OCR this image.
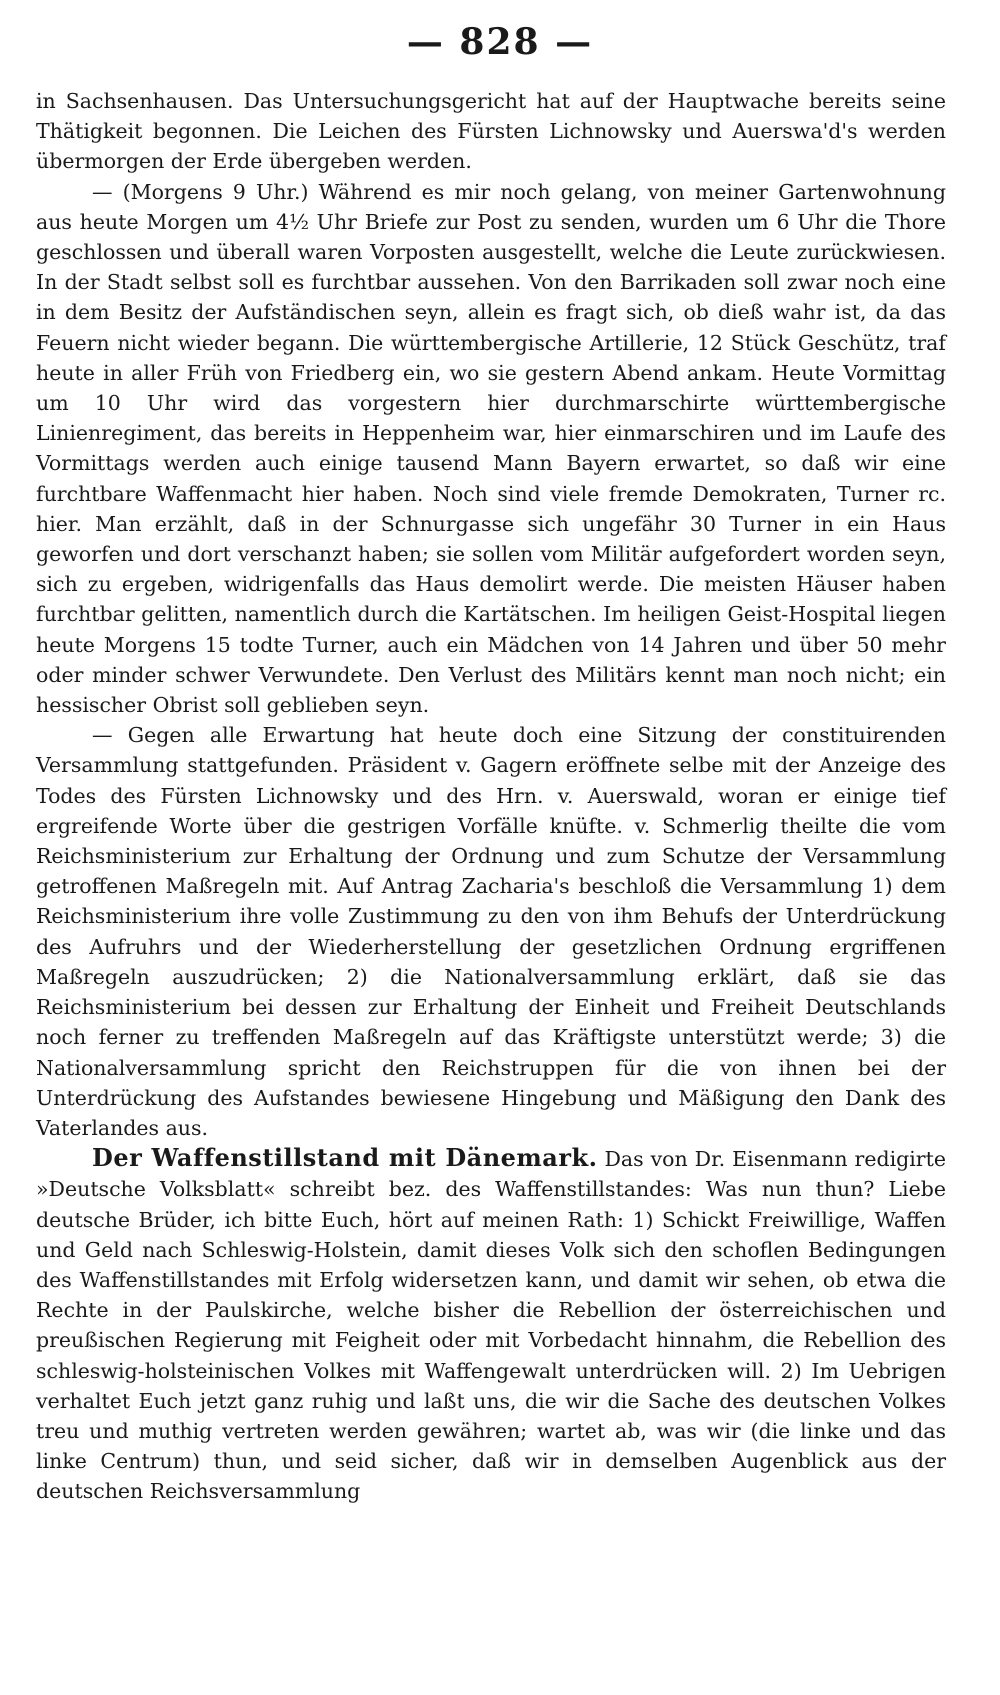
— 828 —

in Sachsenhausen. Das Untersuchungsgericht hat auf der Hauptwache bereits seine Thätigkeit begonnen. Die Leichen des Fürsten Lichnowsky und Auerswa'd's werden übermorgen der Erde übergeben werden.

— (Morgens 9 Uhr.) Während es mir noch gelang, von meiner Gartenwohnung aus heute Morgen um 4½ Uhr Briefe zur Post zu senden, wurden um 6 Uhr die Thore geschlossen und überall waren Vorposten ausgestellt, welche die Leute zurückwiesen. In der Stadt selbst soll es furchtbar aussehen. Von den Barrikaden soll zwar noch eine in dem Besitz der Aufständischen seyn, allein es fragt sich, ob dieß wahr ist, da das Feuern nicht wieder begann. Die württembergische Artillerie, 12 Stück Geschütz, traf heute in aller Früh von Friedberg ein, wo sie gestern Abend ankam. Heute Vormittag um 10 Uhr wird das vorgestern hier durchmarschirte württembergische Linienregiment, das bereits in Heppenheim war, hier einmarschiren und im Laufe des Vormittags werden auch einige tausend Mann Bayern erwartet, so daß wir eine furchtbare Waffenmacht hier haben. Noch sind viele fremde Demokraten, Turner rc. hier. Man erzählt, daß in der Schnurgasse sich ungefähr 30 Turner in ein Haus geworfen und dort verschanzt haben; sie sollen vom Militär aufgefordert worden seyn, sich zu ergeben, widrigenfalls das Haus demolirt werde. Die meisten Häuser haben furchtbar gelitten, namentlich durch die Kartätschen. Im heiligen Geist-Hospital liegen heute Morgens 15 todte Turner, auch ein Mädchen von 14 Jahren und über 50 mehr oder minder schwer Verwundete. Den Verlust des Militärs kennt man noch nicht; ein hessischer Obrist soll geblieben seyn.

— Gegen alle Erwartung hat heute doch eine Sitzung der constituirenden Versammlung stattgefunden. Präsident v. Gagern eröffnete selbe mit der Anzeige des Todes des Fürsten Lichnowsky und des Hrn. v. Auerswald, woran er einige tief ergreifende Worte über die gestrigen Vorfälle knüfte. v. Schmerlig theilte die vom Reichsministerium zur Erhaltung der Ordnung und zum Schutze der Versammlung getroffenen Maßregeln mit. Auf Antrag Zacharia's beschloß die Versammlung 1) dem Reichsministerium ihre volle Zustimmung zu den von ihm Behufs der Unterdrückung des Aufruhrs und der Wiederherstellung der gesetzlichen Ordnung ergriffenen Maßregeln auszudrücken; 2) die Nationalversammlung erklärt, daß sie das Reichsministerium bei dessen zur Erhaltung der Einheit und Freiheit Deutschlands noch ferner zu treffenden Maßregeln auf das Kräftigste unterstützt werde; 3) die Nationalversammlung spricht den Reichstruppen für die von ihnen bei der Unterdrückung des Aufstandes bewiesene Hingebung und Mäßigung den Dank des Vaterlandes aus.

Der Waffenstillstand mit Dänemark. Das von Dr. Eisenmann redigirte »Deutsche Volksblatt« schreibt bez. des Waffenstillstandes: Was nun thun? Liebe deutsche Brüder, ich bitte Euch, hört auf meinen Rath: 1) Schickt Freiwillige, Waffen und Geld nach Schleswig-Holstein, damit dieses Volk sich den schoflen Bedingungen des Waffenstillstandes mit Erfolg widersetzen kann, und damit wir sehen, ob etwa die Rechte in der Paulskirche, welche bisher die Rebellion der österreichischen und preußischen Regierung mit Feigheit oder mit Vorbedacht hinnahm, die Rebellion des schleswig-holsteinischen Volkes mit Waffengewalt unterdrücken will. 2) Im Uebrigen verhaltet Euch jetzt ganz ruhig und laßt uns, die wir die Sache des deutschen Volkes treu und muthig vertreten werden gewähren; wartet ab, was wir (die linke und das linke Centrum) thun, und seid sicher, daß wir in demselben Augenblick aus der deutschen Reichsversammlung
